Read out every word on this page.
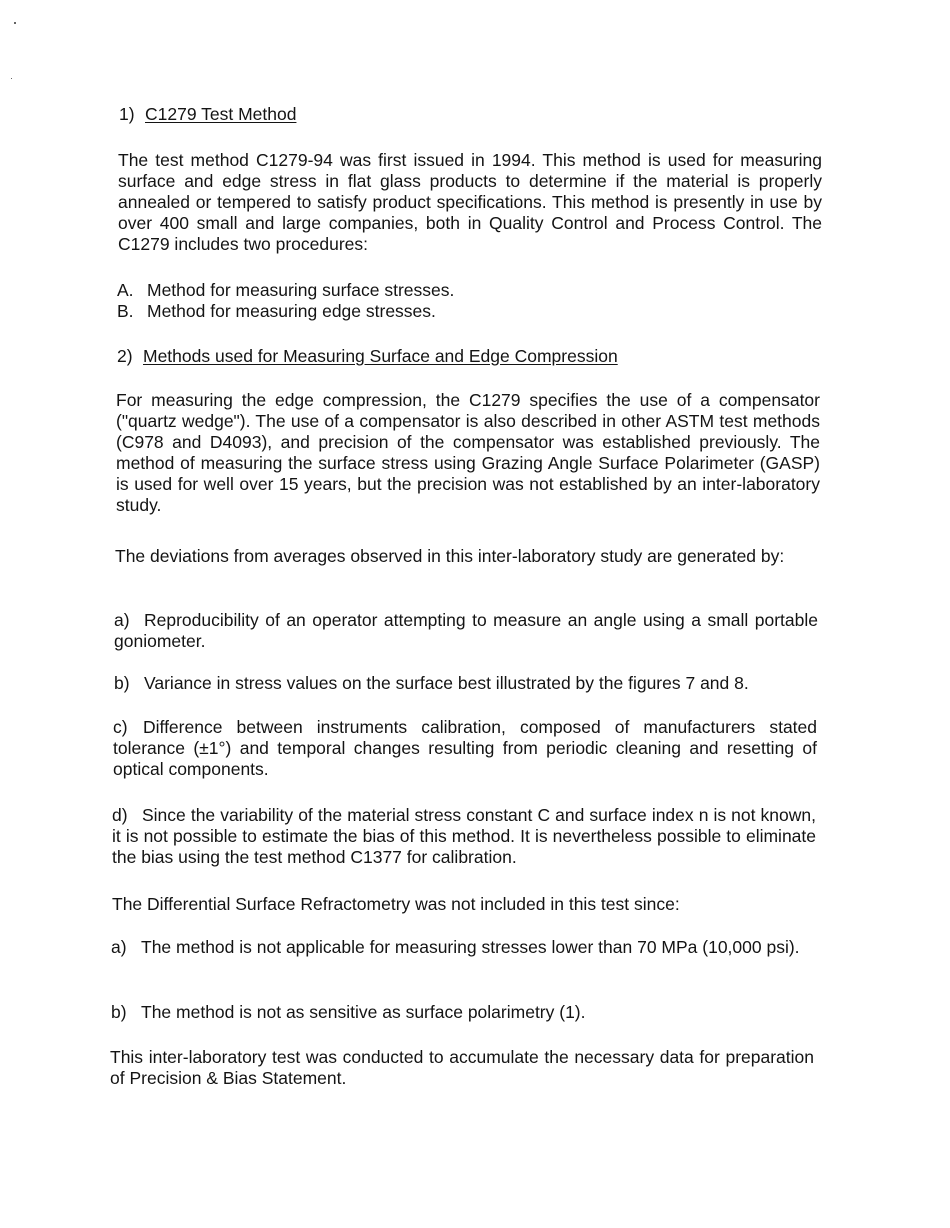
1) C1279 Test Method

The test method C1279-94 was first issued in 1994. This method is used for measuring surface and edge stress in flat glass products to determine if the material is properly annealed or tempered to satisfy product specifications. This method is presently in use by over 400 small and large companies, both in Quality Control and Process Control. The C1279 includes two procedures:

A. Method for measuring surface stresses.
B. Method for measuring edge stresses.
2) Methods used for Measuring Surface and Edge Compression

For measuring the edge compression, the C1279 specifies the use of a compensator ("quartz wedge"). The use of a compensator is also described in other ASTM test methods (C978 and D4093), and precision of the compensator was established previously. The method of measuring the surface stress using Grazing Angle Surface Polarimeter (GASP) is used for well over 15 years, but the precision was not established by an inter-laboratory study.

The deviations from averages observed in this inter-laboratory study are generated by:

a) Reproducibility of an operator attempting to measure an angle using a small portable goniometer.
b) Variance in stress values on the surface best illustrated by the figures 7 and 8.
c) Difference between instruments calibration, composed of manufacturers stated tolerance (±1°) and temporal changes resulting from periodic cleaning and resetting of optical components.
d) Since the variability of the material stress constant C and surface index n is not known, it is not possible to estimate the bias of this method. It is nevertheless possible to eliminate the bias using the test method C1377 for calibration.

The Differential Surface Refractometry was not included in this test since:

a) The method is not applicable for measuring stresses lower than 70 MPa (10,000 psi).
b) The method is not as sensitive as surface polarimetry (1).

This inter-laboratory test was conducted to accumulate the necessary data for preparation of Precision & Bias Statement.
